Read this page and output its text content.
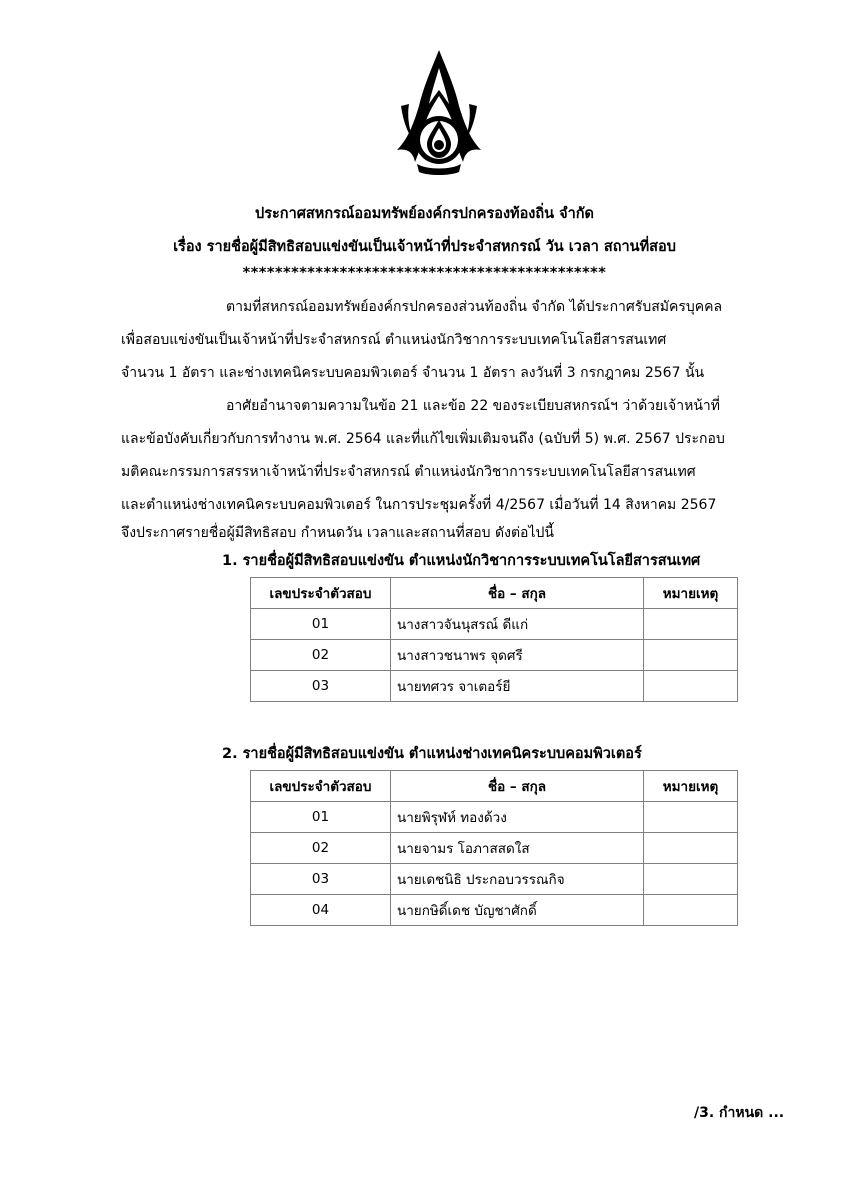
ประกาศสหกรณ์ออมทรัพย์องค์กรปกครองท้องถิ่น จำกัด
เรื่อง รายชื่อผู้มีสิทธิสอบแข่งขันเป็นเจ้าหน้าที่ประจำสหกรณ์ วัน เวลา สถานที่สอบ
*********************************************
ตามที่สหกรณ์ออมทรัพย์องค์กรปกครองส่วนท้องถิ่น จำกัด ได้ประกาศรับสมัครบุคคล
เพื่อสอบแข่งขันเป็นเจ้าหน้าที่ประจำสหกรณ์ ตำแหน่งนักวิชาการระบบเทคโนโลยีสารสนเทศ
จำนวน 1 อัตรา และช่างเทคนิคระบบคอมพิวเตอร์ จำนวน 1 อัตรา ลงวันที่ 3 กรกฎาคม 2567 นั้น
อาศัยอำนาจตามความในข้อ 21 และข้อ 22 ของระเบียบสหกรณ์ฯ ว่าด้วยเจ้าหน้าที่
และข้อบังคับเกี่ยวกับการทำงาน พ.ศ. 2564 และที่แก้ไขเพิ่มเติมจนถึง (ฉบับที่ 5) พ.ศ. 2567 ประกอบ
มติคณะกรรมการสรรหาเจ้าหน้าที่ประจำสหกรณ์ ตำแหน่งนักวิชาการระบบเทคโนโลยีสารสนเทศ
และตำแหน่งช่างเทคนิคระบบคอมพิวเตอร์ ในการประชุมครั้งที่ 4/2567 เมื่อวันที่ 14 สิงหาคม 2567
จึงประกาศรายชื่อผู้มีสิทธิสอบ กำหนดวัน เวลาและสถานที่สอบ ดังต่อไปนี้
1. รายชื่อผู้มีสิทธิสอบแข่งขัน ตำแหน่งนักวิชาการระบบเทคโนโลยีสารสนเทศ
เลขประจำตัวสอบ	ชื่อ – สกุล	หมายเหตุ
01	นางสาวจันนุสรณ์ ดีแก่	
02	นางสาวชนาพร จุดศรี	
03	นายทศวร จาเตอร์ยี	
2. รายชื่อผู้มีสิทธิสอบแข่งขัน ตำแหน่งช่างเทคนิคระบบคอมพิวเตอร์
เลขประจำตัวสอบ	ชื่อ – สกุล	หมายเหตุ
01	นายพิรุฬห์ ทองด้วง	
02	นายจามร โอภาสสดใส	
03	นายเดชนิธิ ประกอบวรรณกิจ	
04	นายกษิดิ์เดช บัญชาศักดิ์	
/3. กำหนด ...
